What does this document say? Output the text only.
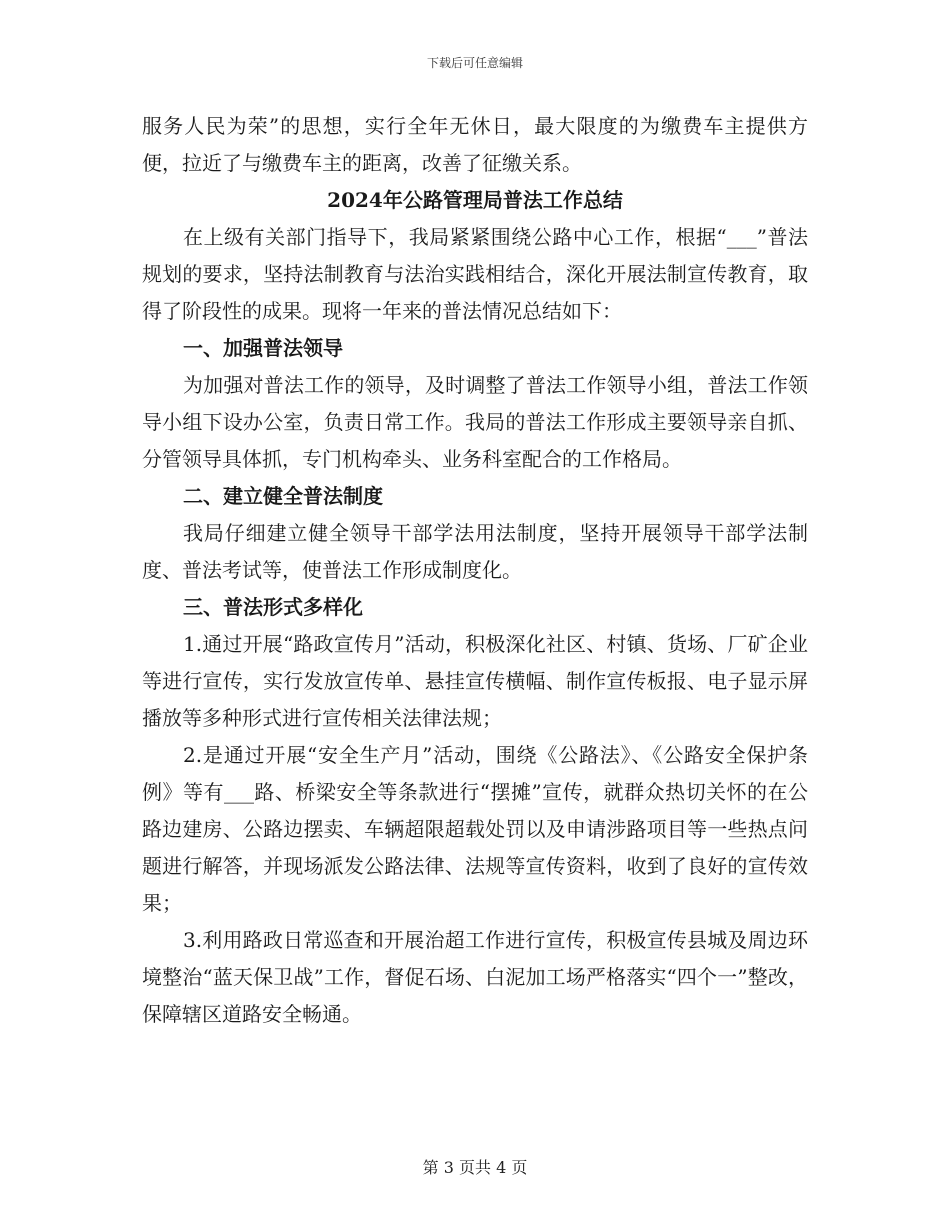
下载后可任意编辑

服务人民为荣”的思想，实行全年无休日，最大限度的为缴费车主提供方便，拉近了与缴费车主的距离，改善了征缴关系。

2024年公路管理局普法工作总结

在上级有关部门指导下，我局紧紧围绕公路中心工作，根据“___”普法规划的要求，坚持法制教育与法治实践相结合，深化开展法制宣传教育，取得了阶段性的成果。现将一年来的普法情况总结如下：

一、加强普法领导

为加强对普法工作的领导，及时调整了普法工作领导小组，普法工作领导小组下设办公室，负责日常工作。我局的普法工作形成主要领导亲自抓、分管领导具体抓，专门机构牵头、业务科室配合的工作格局。

二、建立健全普法制度

我局仔细建立健全领导干部学法用法制度，坚持开展领导干部学法制度、普法考试等，使普法工作形成制度化。

三、普法形式多样化

1.通过开展“路政宣传月”活动，积极深化社区、村镇、货场、厂矿企业等进行宣传，实行发放宣传单、悬挂宣传横幅、制作宣传板报、电子显示屏播放等多种形式进行宣传相关法律法规；

2.是通过开展“安全生产月”活动，围绕《公路法》、《公路安全保护条例》等有___路、桥梁安全等条款进行“摆摊”宣传，就群众热切关怀的在公路边建房、公路边摆卖、车辆超限超载处罚以及申请涉路项目等一些热点问题进行解答，并现场派发公路法律、法规等宣传资料，收到了良好的宣传效果；

3.利用路政日常巡查和开展治超工作进行宣传，积极宣传县城及周边环境整治“蓝天保卫战”工作，督促石场、白泥加工场严格落实“四个一”整改，保障辖区道路安全畅通。

第 3 页共 4 页
